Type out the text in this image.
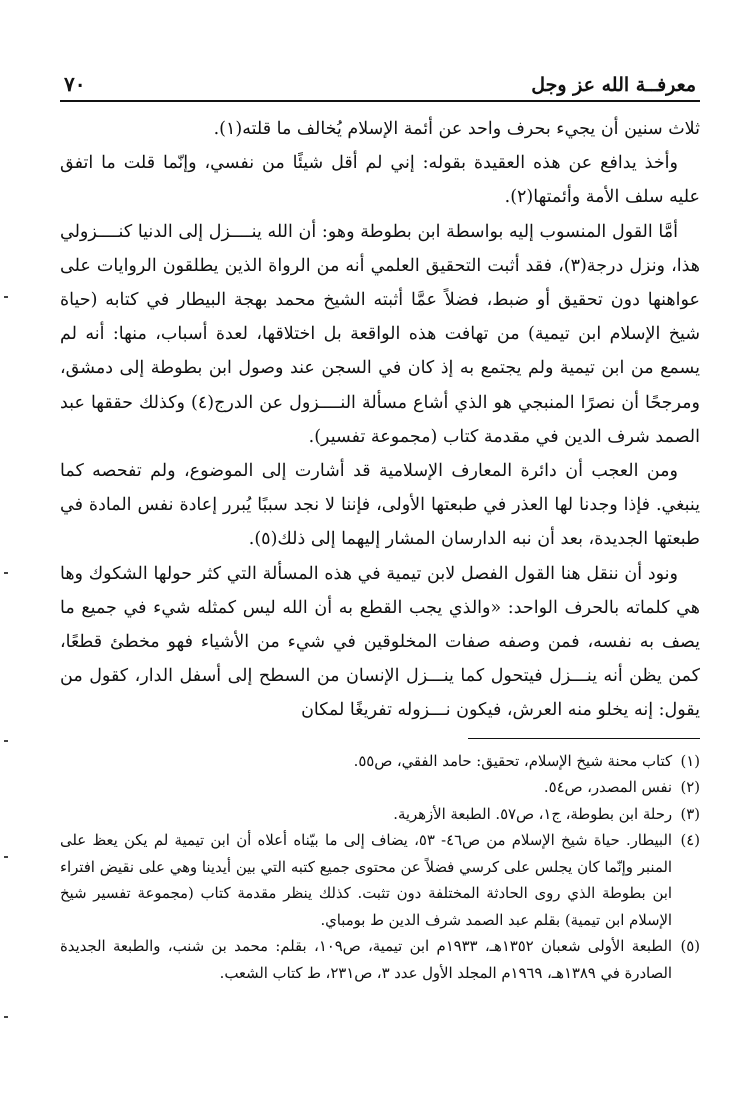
معرفــة الله عز وجل
٧٠

ثلاث سنين أن يجيء بحرف واحد عن أئمة الإسلام يُخالف ما قلته(١).

وأخذ يدافع عن هذه العقيدة بقوله: إني لم أقل شيئًا من نفسي، وإنّما قلت ما اتفق عليه سلف الأمة وأئمتها(٢).

أمَّا القول المنسوب إليه بواسطة ابن بطوطة وهو: أن الله ينــــزل إلى الدنيا كنــــزولي هذا، ونزل درجة(٣)، فقد أثبت التحقيق العلمي أنه من الرواة الذين يطلقون الروايات على عواهنها دون تحقيق أو ضبط، فضلاً عمَّا أثبته الشيخ محمد بهجة البيطار في كتابه (حياة شيخ الإسلام ابن تيمية) من تهافت هذه الواقعة بل اختلاقها، لعدة أسباب، منها: أنه لم يسمع من ابن تيمية ولم يجتمع به إذ كان في السجن عند وصول ابن بطوطة إلى دمشق، ومرجحًا أن نصرًا المنبجي هو الذي أشاع مسألة النــــزول عن الدرج(٤) وكذلك حققها عبد الصمد شرف الدين في مقدمة كتاب (مجموعة تفسير).

ومن العجب أن دائرة المعارف الإسلامية قد أشارت إلى الموضوع، ولم تفحصه كما ينبغي. فإذا وجدنا لها العذر في طبعتها الأولى، فإننا لا نجد سببًا يُبرر إعادة نفس المادة في طبعتها الجديدة، بعد أن نبه الدارسان المشار إليهما إلى ذلك(٥).

ونود أن ننقل هنا القول الفصل لابن تيمية في هذه المسألة التي كثر حولها الشكوك وها هي كلماته بالحرف الواحد: «والذي يجب القطع به أن الله ليس كمثله شيء في جميع ما يصف به نفسه، فمن وصفه صفات المخلوقين في شيء من الأشياء فهو مخطئ قطعًا، كمن يظن أنه ينـــزل فيتحول كما ينـــزل الإنسان من السطح إلى أسفل الدار، كقول من يقول: إنه يخلو منه العرش، فيكون نـــزوله تفريغًا لمكان

(١)
كتاب محنة شيخ الإسلام، تحقيق: حامد الفقي، ص٥٥.
(٢)
نفس المصدر، ص٥٤.
(٣)
رحلة ابن بطوطة، ج١، ص٥٧. الطبعة الأزهرية.
(٤)
البيطار. حياة شيخ الإسلام من ص٤٦- ٥٣، يضاف إلى ما بيّناه أعلاه أن ابن تيمية لم يكن يعظ على المنبر وإنّما كان يجلس على كرسي فضلاً عن محتوى جميع كتبه التي بين أيدينا وهي على نقيض افتراء ابن بطوطة الذي روى الحادثة المختلفة دون تثبت. كذلك ينظر مقدمة كتاب (مجموعة تفسير شيخ الإسلام ابن تيمية) بقلم عبد الصمد شرف الدين ط بومباي.
(٥)
الطبعة الأولى شعبان ١٣٥٢هـ، ١٩٣٣م ابن تيمية، ص١٠٩، بقلم: محمد بن شنب، والطبعة الجديدة الصادرة في ١٣٨٩هـ، ١٩٦٩م المجلد الأول عدد ٣، ص٢٣١، ط كتاب الشعب.
